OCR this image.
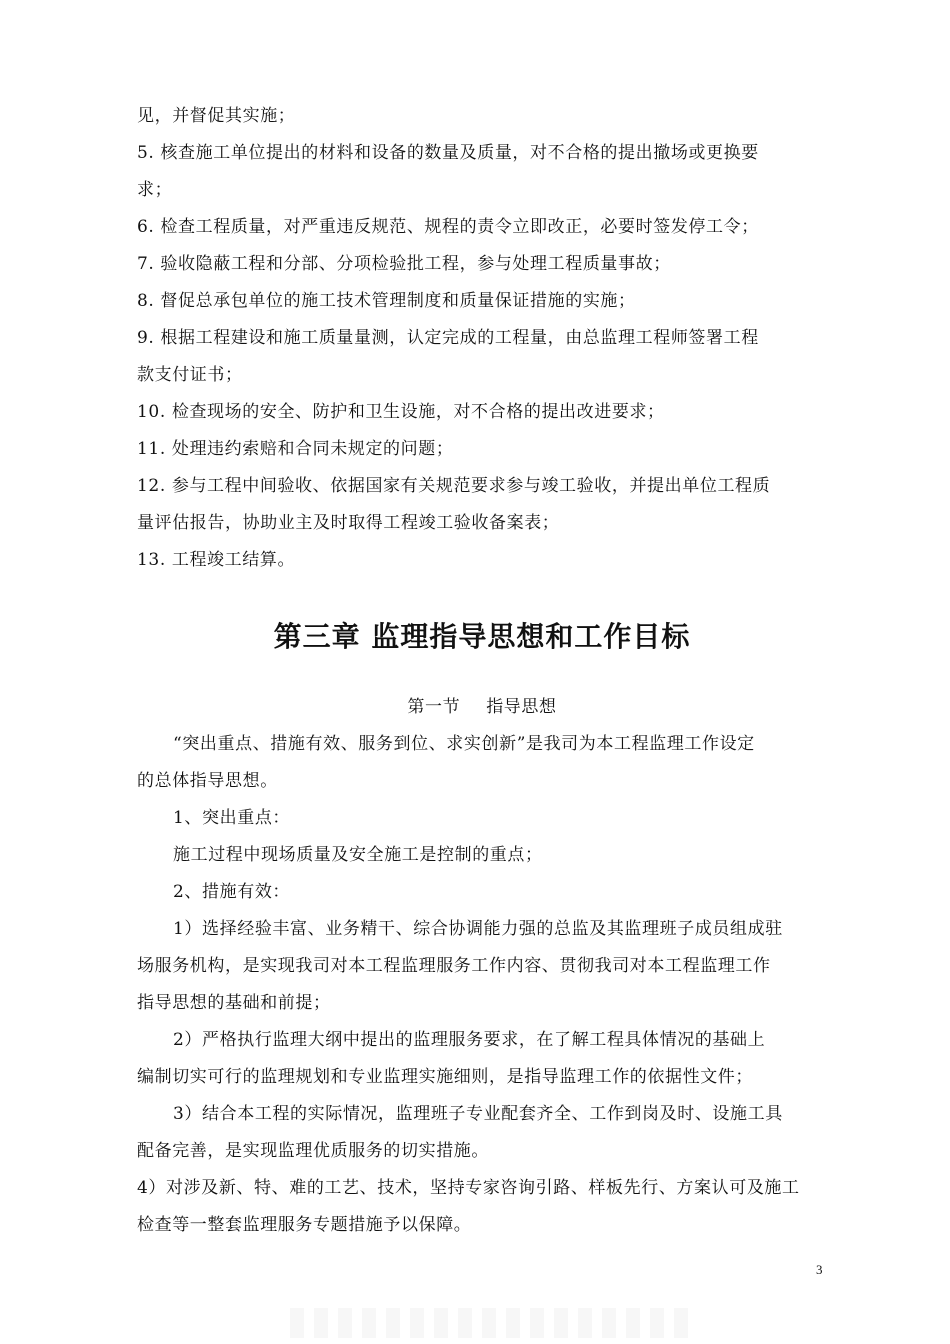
见，并督促其实施；
5. 核查施工单位提出的材料和设备的数量及质量，对不合格的提出撤场或更换要
求；
6. 检查工程质量，对严重违反规范、规程的责令立即改正，必要时签发停工令；
7. 验收隐蔽工程和分部、分项检验批工程，参与处理工程质量事故；
8. 督促总承包单位的施工技术管理制度和质量保证措施的实施；
9. 根据工程建设和施工质量量测，认定完成的工程量，由总监理工程师签署工程
款支付证书；
10. 检查现场的安全、防护和卫生设施，对不合格的提出改进要求；
11. 处理违约索赔和合同未规定的问题；
12. 参与工程中间验收、依据国家有关规范要求参与竣工验收，并提出单位工程质
量评估报告，协助业主及时取得工程竣工验收备案表；
13. 工程竣工结算。
第三章 监理指导思想和工作目标
第一节 指导思想
“突出重点、措施有效、服务到位、求实创新”是我司为本工程监理工作设定
的总体指导思想。
1、突出重点：
施工过程中现场质量及安全施工是控制的重点；
2、措施有效：
1）选择经验丰富、业务精干、综合协调能力强的总监及其监理班子成员组成驻
场服务机构，是实现我司对本工程监理服务工作内容、贯彻我司对本工程监理工作
指导思想的基础和前提；
2）严格执行监理大纲中提出的监理服务要求，在了解工程具体情况的基础上
编制切实可行的监理规划和专业监理实施细则，是指导监理工作的依据性文件；
3）结合本工程的实际情况，监理班子专业配套齐全、工作到岗及时、设施工具
配备完善，是实现监理优质服务的切实措施。
4）对涉及新、特、难的工艺、技术，坚持专家咨询引路、样板先行、方案认可及施工
检查等一整套监理服务专题措施予以保障。
3
